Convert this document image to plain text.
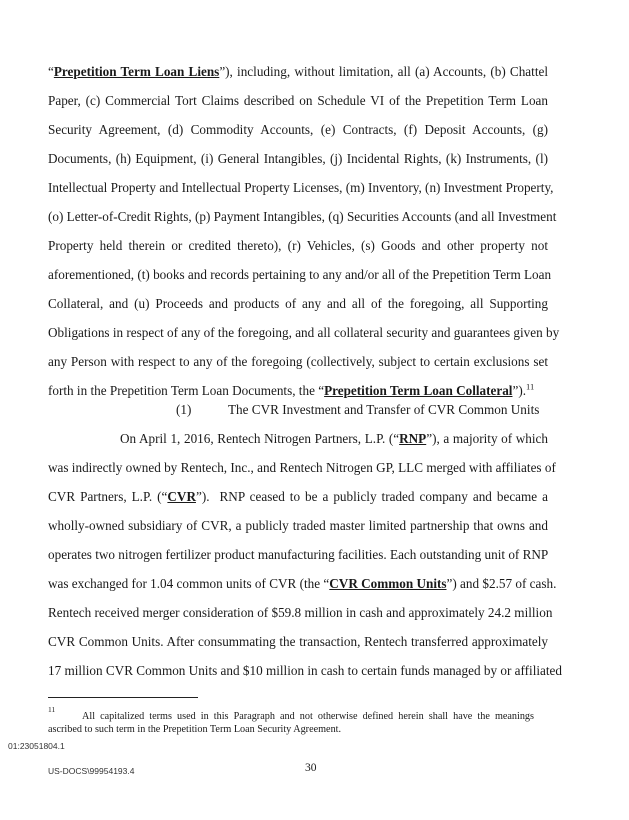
“Prepetition Term Loan Liens”), including, without limitation, all (a) Accounts, (b) Chattel
Paper, (c) Commercial Tort Claims described on Schedule VI of the Prepetition Term Loan
Security Agreement, (d) Commodity Accounts, (e) Contracts, (f) Deposit Accounts, (g)
Documents, (h) Equipment, (i) General Intangibles, (j) Incidental Rights, (k) Instruments, (l)
Intellectual Property and Intellectual Property Licenses, (m) Inventory, (n) Investment Property,
(o) Letter-of-Credit Rights, (p) Payment Intangibles, (q) Securities Accounts (and all Investment
Property held therein or credited thereto), (r) Vehicles, (s) Goods and other property not
aforementioned, (t) books and records pertaining to any and/or all of the Prepetition Term Loan
Collateral, and (u) Proceeds and products of any and all of the foregoing, all Supporting
Obligations in respect of any of the foregoing, and all collateral security and guarantees given by
any Person with respect to any of the foregoing (collectively, subject to certain exclusions set
forth in the Prepetition Term Loan Documents, the “Prepetition Term Loan Collateral”).$^{11}$
(1)	The CVR Investment and Transfer of CVR Common Units
On April 1, 2016, Rentech Nitrogen Partners, L.P. (“RNP”), a majority of which
was indirectly owned by Rentech, Inc., and Rentech Nitrogen GP, LLC merged with affiliates of
CVR Partners, L.P. (“CVR”).  RNP ceased to be a publicly traded company and became a
wholly-owned subsidiary of CVR, a publicly traded master limited partnership that owns and
operates two nitrogen fertilizer product manufacturing facilities. Each outstanding unit of RNP
was exchanged for 1.04 common units of CVR (the “CVR Common Units”) and $2.57 of cash.
Rentech received merger consideration of $59.8 million in cash and approximately 24.2 million
CVR Common Units. After consummating the transaction, Rentech transferred approximately
17 million CVR Common Units and $10 million in cash to certain funds managed by or affiliated
11
All capitalized terms used in this Paragraph and not otherwise defined herein shall have the meanings
ascribed to such term in the Prepetition Term Loan Security Agreement.
01:23051804.1
30
US-DOCS\99954193.4
